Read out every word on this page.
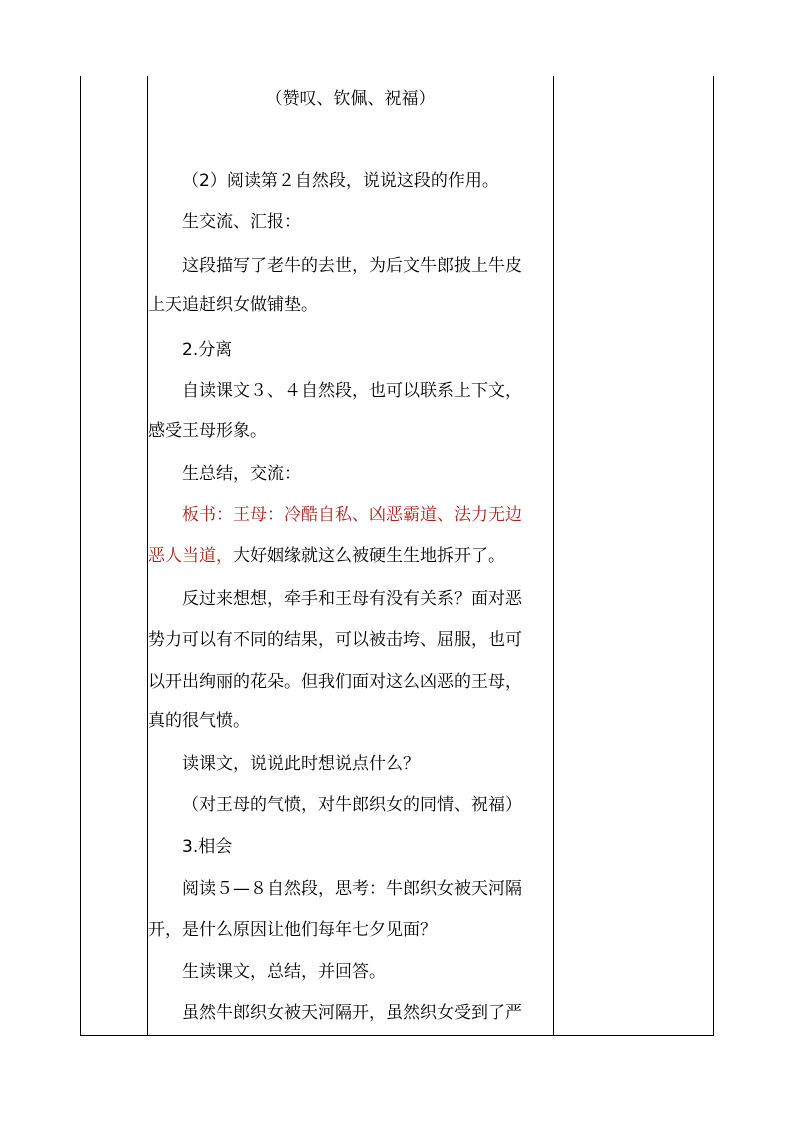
（赞叹、钦佩、祝福）
（2）阅读第２自然段，说说这段的作用。
生交流、汇报：
这段描写了老牛的去世，为后文牛郎披上牛皮
上天追赶织女做铺垫。
2.分离
自读课文３、４自然段，也可以联系上下文，
感受王母形象。
生总结，交流：
板书：王母：冷酷自私、凶恶霸道、法力无边
恶人当道，大好姻缘就这么被硬生生地拆开了。
反过来想想，牵手和王母有没有关系？面对恶
势力可以有不同的结果，可以被击垮、屈服，也可
以开出绚丽的花朵。但我们面对这么凶恶的王母，
真的很气愤。
读课文，说说此时想说点什么？
（对王母的气愤，对牛郎织女的同情、祝福）
3.相会
阅读５—８自然段，思考：牛郎织女被天河隔
开，是什么原因让他们每年七夕见面？
生读课文，总结，并回答。
虽然牛郎织女被天河隔开，虽然织女受到了严
